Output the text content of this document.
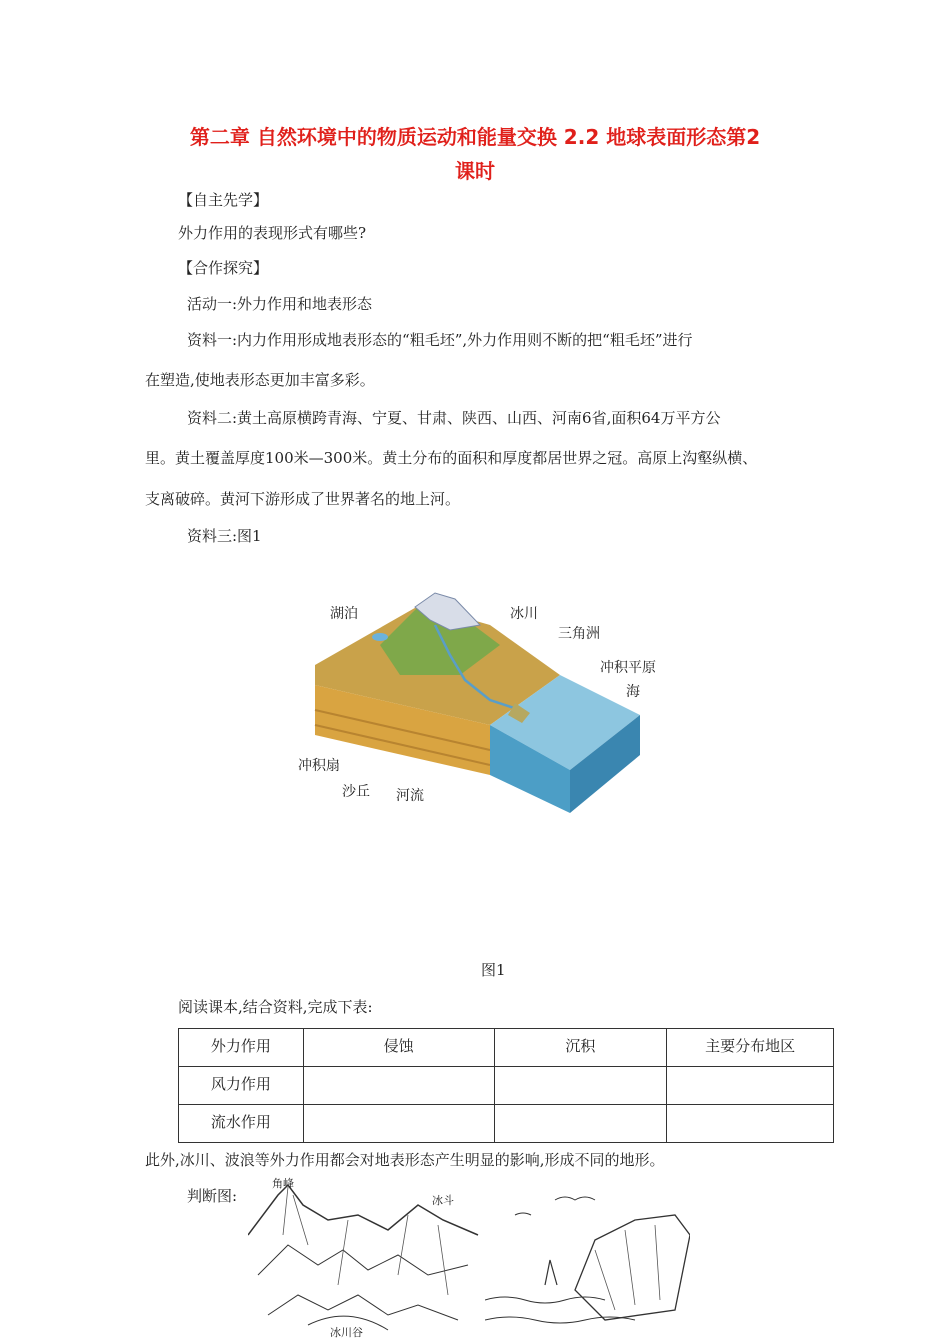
第二章 自然环境中的物质运动和能量交换 2.2 地球表面形态第2
课时
【自主先学】
外力作用的表现形式有哪些?
【合作探究】
活动一:外力作用和地表形态
资料一:内力作用形成地表形态的“粗毛坯”,外力作用则不断的把“粗毛坯”进行
在塑造,使地表形态更加丰富多彩。
资料二:黄土高原横跨青海、宁夏、甘肃、陕西、山西、河南6省,面积64万平方公
里。黄土覆盖厚度100米—300米。黄土分布的面积和厚度都居世界之冠。高原上沟壑纵横、
支离破碎。黄河下游形成了世界著名的地上河。
资料三:图1
湖泊	冰川
三角洲
冲积平原
海
冲积扇
沙丘 河流
图1
阅读课本,结合资料,完成下表:
外力作用	侵蚀	沉积	主要分布地区

风力作用			

流水作用			

此外,冰川、波浪等外力作用都会对地表形态产生明显的影响,形成不同的地形。
判断图:
角峰
冰斗
冰川谷
